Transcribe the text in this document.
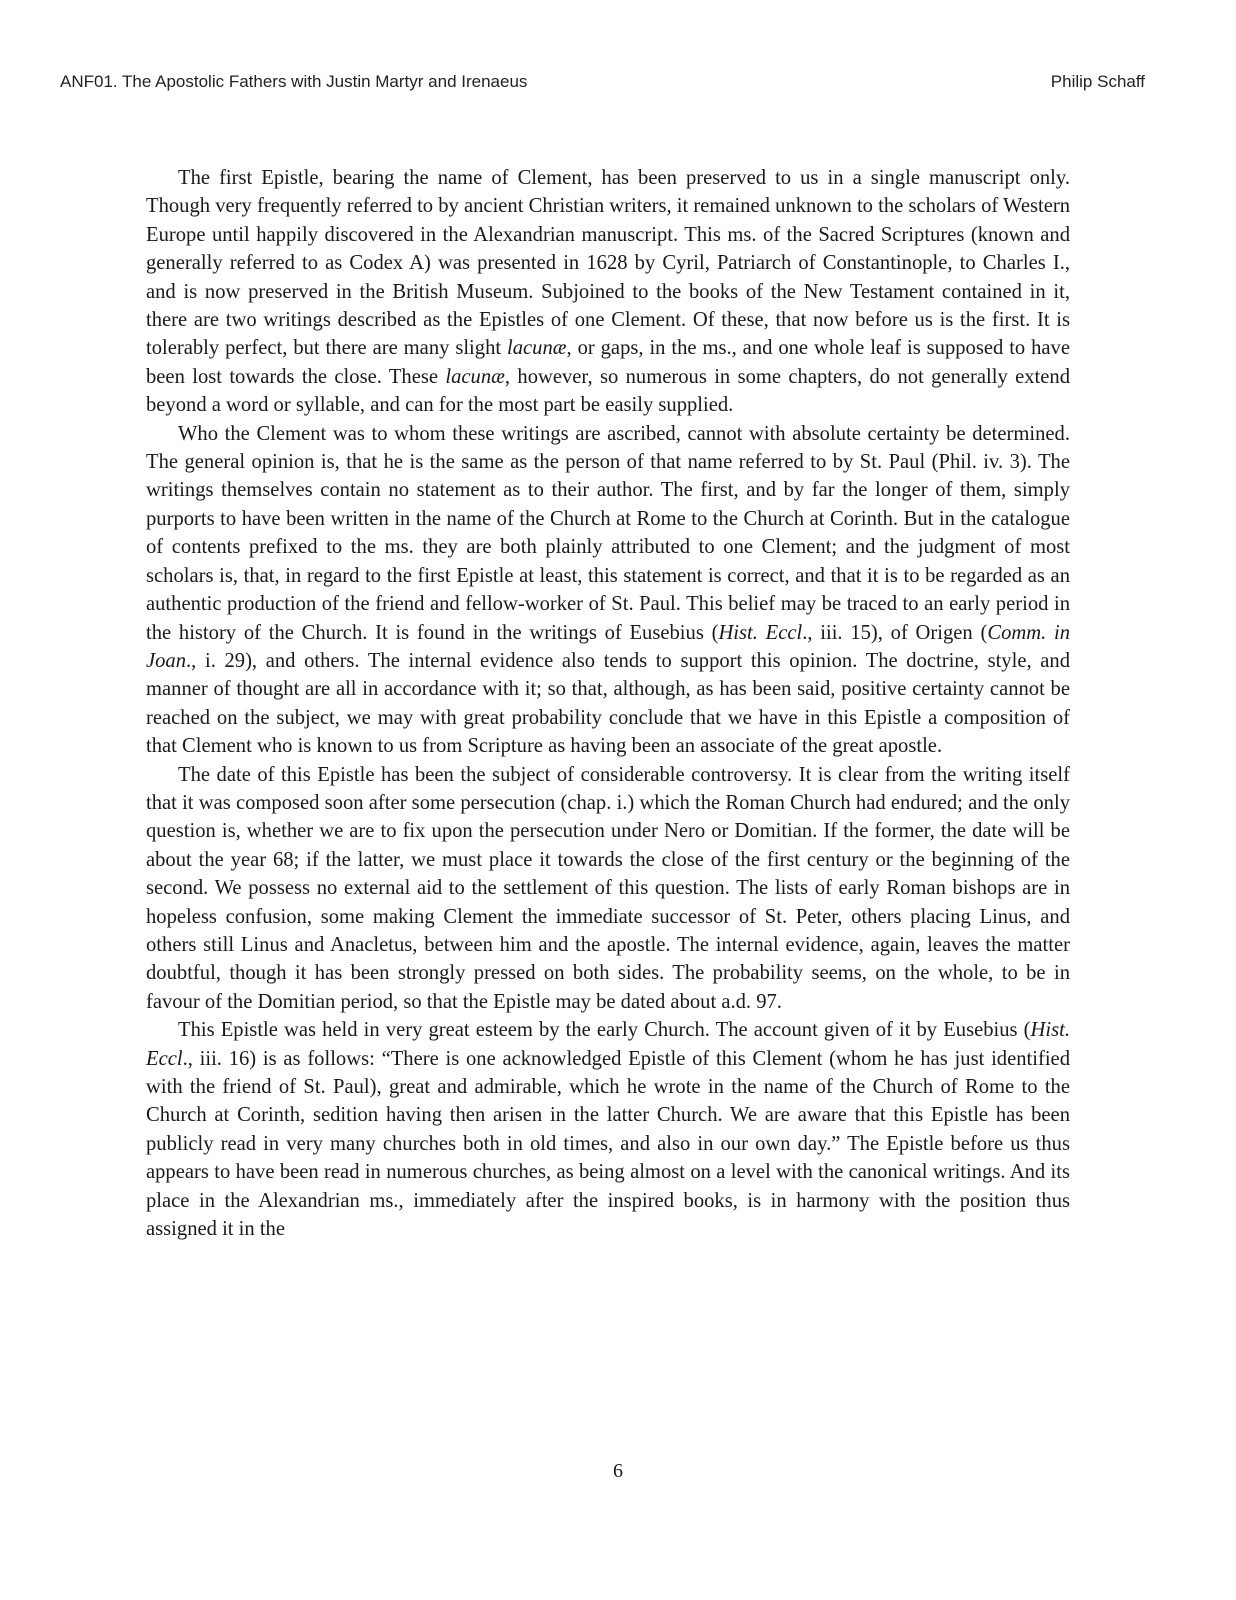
ANF01. The Apostolic Fathers with Justin Martyr and Irenaeus	Philip Schaff

The first Epistle, bearing the name of Clement, has been preserved to us in a single manuscript only. Though very frequently referred to by ancient Christian writers, it remained unknown to the scholars of Western Europe until happily discovered in the Alexandrian manuscript. This ms. of the Sacred Scriptures (known and generally referred to as Codex A) was presented in 1628 by Cyril, Patriarch of Constantinople, to Charles I., and is now preserved in the British Museum. Subjoined to the books of the New Testament contained in it, there are two writings described as the Epistles of one Clement. Of these, that now before us is the first. It is tolerably perfect, but there are many slight lacunæ, or gaps, in the ms., and one whole leaf is supposed to have been lost towards the close. These lacunæ, however, so numerous in some chapters, do not generally extend beyond a word or syllable, and can for the most part be easily supplied.

Who the Clement was to whom these writings are ascribed, cannot with absolute certainty be determined. The general opinion is, that he is the same as the person of that name referred to by St. Paul (Phil. iv. 3). The writings themselves contain no statement as to their author. The first, and by far the longer of them, simply purports to have been written in the name of the Church at Rome to the Church at Corinth. But in the catalogue of contents prefixed to the ms. they are both plainly attributed to one Clement; and the judgment of most scholars is, that, in regard to the first Epistle at least, this statement is correct, and that it is to be regarded as an authentic production of the friend and fellow-worker of St. Paul. This belief may be traced to an early period in the history of the Church. It is found in the writings of Eusebius (Hist. Eccl., iii. 15), of Origen (Comm. in Joan., i. 29), and others. The internal evidence also tends to support this opinion. The doctrine, style, and manner of thought are all in accordance with it; so that, although, as has been said, positive certainty cannot be reached on the subject, we may with great probability conclude that we have in this Epistle a composition of that Clement who is known to us from Scripture as having been an associate of the great apostle.

The date of this Epistle has been the subject of considerable controversy. It is clear from the writing itself that it was composed soon after some persecution (chap. i.) which the Roman Church had endured; and the only question is, whether we are to fix upon the persecution under Nero or Domitian. If the former, the date will be about the year 68; if the latter, we must place it towards the close of the first century or the beginning of the second. We possess no external aid to the settlement of this question. The lists of early Roman bishops are in hopeless confusion, some making Clement the immediate successor of St. Peter, others placing Linus, and others still Linus and Anacletus, between him and the apostle. The internal evidence, again, leaves the matter doubtful, though it has been strongly pressed on both sides. The probability seems, on the whole, to be in favour of the Domitian period, so that the Epistle may be dated about a.d. 97.

This Epistle was held in very great esteem by the early Church. The account given of it by Eusebius (Hist. Eccl., iii. 16) is as follows: “There is one acknowledged Epistle of this Clement (whom he has just identified with the friend of St. Paul), great and admirable, which he wrote in the name of the Church of Rome to the Church at Corinth, sedition having then arisen in the latter Church. We are aware that this Epistle has been publicly read in very many churches both in old times, and also in our own day.” The Epistle before us thus appears to have been read in numerous churches, as being almost on a level with the canonical writings. And its place in the Alexandrian ms., immediately after the inspired books, is in harmony with the position thus assigned it in the

6
